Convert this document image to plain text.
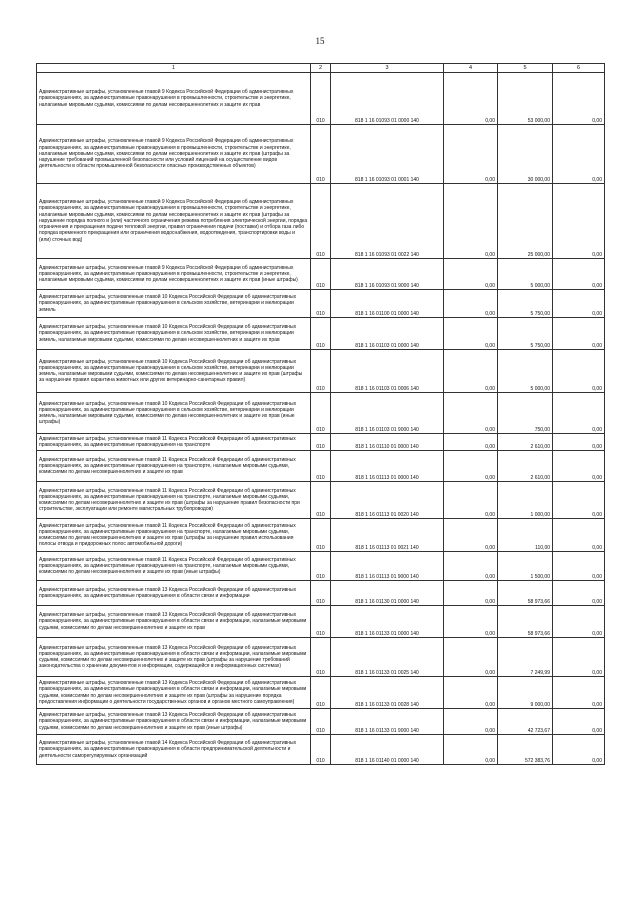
15
1	2	3	4	5	6
Административные штрафы, установленные главой 9 Кодекса Российской Федерации об административных правонарушениях, за административные правонарушения в промышленности, строительстве и энергетике, налагаемые мировыми судьями, комиссиями по делам несовершеннолетних и защите их прав	010	818 1 16 01093 01 0000 140	0,00	53 000,00	0,00
Административные штрафы, установленные главой 9 Кодекса Российской Федерации об административных правонарушениях, за административные правонарушения в промышленности, строительстве и энергетике, налагаемые мировыми судьями, комиссиями по делам несовершеннолетних и защите их прав (штрафы за нарушение требований промышленной безопасности или условий лицензий на осуществление видов деятельности в области промышленной безопасности опасных производственных объектов)	010	818 1 16 01093 01 0001 140	0,00	30 000,00	0,00
Административные штрафы, установленные главой 9 Кодекса Российской Федерации об административных правонарушениях, за административные правонарушения в промышленности, строительстве и энергетике, налагаемые мировыми судьями, комиссиями по делам несовершеннолетних и защите их прав (штрафы за нарушение порядка полного и (или) частичного ограничения режима потребления электрической энергии, порядка ограничения и прекращения подачи тепловой энергии, правил ограничения подачи (поставки) и отбора газа либо порядка временного прекращения или ограничения водоснабжения, водоотведения, транспортировки воды и (или) сточных вод)	010	818 1 16 01093 01 0022 140	0,00	25 000,00	0,00
Административные штрафы, установленные главой 9 Кодекса Российской Федерации об административных правонарушениях, за административные правонарушения в промышленности, строительстве и энергетике, налагаемые мировыми судьями, комиссиями по делам несовершеннолетних и защите их прав (иные штрафы)	010	818 1 16 01093 01 9000 140	0,00	5 000,00	0,00
Административные штрафы, установленные главой 10 Кодекса Российской Федерации об административных правонарушениях, за административные правонарушения в сельском хозяйстве, ветеринарии и мелиорации земель	010	818 1 16 01100 01 0000 140	0,00	5 750,00	0,00
Административные штрафы, установленные главой 10 Кодекса Российской Федерации об административных правонарушениях, за административные правонарушения в сельском хозяйстве, ветеринарии и мелиорации земель, налагаемые мировыми судьями, комиссиями по делам несовершеннолетних и защите их прав	010	818 1 16 01103 01 0000 140	0,00	5 750,00	0,00
Административные штрафы, установленные главой 10 Кодекса Российской Федерации об административных правонарушениях, за административные правонарушения в сельском хозяйстве, ветеринарии и мелиорации земель, налагаемые мировыми судьями, комиссиями по делам несовершеннолетних и защите их прав (штрафы за нарушение правил карантина животных или других ветеринарно-санитарных правил)	010	818 1 16 01103 01 0006 140	0,00	5 000,00	0,00
Административные штрафы, установленные главой 10 Кодекса Российской Федерации об административных правонарушениях, за административные правонарушения в сельском хозяйстве, ветеринарии и мелиорации земель, налагаемые мировыми судьями, комиссиями по делам несовершеннолетних и защите их прав (иные штрафы)	010	818 1 16 01103 01 9000 140	0,00	750,00	0,00
Административные штрафы, установленные главой 11 Кодекса Российской Федерации об административных правонарушениях, за административные правонарушения на транспорте	010	818 1 16 01110 01 0000 140	0,00	2 610,00	0,00
Административные штрафы, установленные главой 11 Кодекса Российской Федерации об административных правонарушениях, за административные правонарушения на транспорте, налагаемые мировыми судьями, комиссиями по делам несовершеннолетних и защите их прав	010	818 1 16 01113 01 0000 140	0,00	2 610,00	0,00
Административные штрафы, установленные главой 11 Кодекса Российской Федерации об административных правонарушениях, за административные правонарушения на транспорте, налагаемые мировыми судьями, комиссиями по делам несовершеннолетних и защите их прав (штрафы за нарушение правил безопасности при строительстве, эксплуатации или ремонте магистральных трубопроводов)	010	818 1 16 01113 01 0020 140	0,00	1 000,00	0,00
Административные штрафы, установленные главой 11 Кодекса Российской Федерации об административных правонарушениях, за административные правонарушения на транспорте, налагаемые мировыми судьями, комиссиями по делам несовершеннолетних и защите их прав (штрафы за нарушение правил использования полосы отвода и придорожных полос автомобильной дороги)	010	818 1 16 01113 01 0021 140	0,00	110,00	0,00
Административные штрафы, установленные главой 11 Кодекса Российской Федерации об административных правонарушениях, за административные правонарушения на транспорте, налагаемые мировыми судьями, комиссиями по делам несовершеннолетних и защите их прав (иные штрафы)	010	818 1 16 01113 01 9000 140	0,00	1 500,00	0,00
Административные штрафы, установленные главой 13 Кодекса Российской Федерации об административных правонарушениях, за административные правонарушения в области связи и информации	010	818 1 16 01130 01 0000 140	0,00	58 973,66	0,00
Административные штрафы, установленные главой 13 Кодекса Российской Федерации об административных правонарушениях, за административные правонарушения в области связи и информации, налагаемые мировыми судьями, комиссиями по делам несовершеннолетних и защите их прав	010	818 1 16 01133 01 0000 140	0,00	58 973,66	0,00
Административные штрафы, установленные главой 13 Кодекса Российской Федерации об административных правонарушениях, за административные правонарушения в области связи и информации, налагаемые мировыми судьями, комиссиями по делам несовершеннолетних и защите их прав (штрафы за нарушение требований законодательства о хранении документов и информации, содержащейся в информационных системах)	010	818 1 16 01133 01 0025 140	0,00	7 249,99	0,00
Административные штрафы, установленные главой 13 Кодекса Российской Федерации об административных правонарушениях, за административные правонарушения в области связи и информации, налагаемые мировыми судьями, комиссиями по делам несовершеннолетних и защите их прав (штрафы за нарушение порядка предоставления информации о деятельности государственных органов и органов местного самоуправления)	010	818 1 16 01133 01 0028 140	0,00	9 000,00	0,00
Административные штрафы, установленные главой 13 Кодекса Российской Федерации об административных правонарушениях, за административные правонарушения в области связи и информации, налагаемые мировыми судьями, комиссиями по делам несовершеннолетних и защите их прав (иные штрафы)	010	818 1 16 01133 01 9000 140	0,00	42 723,67	0,00
Административные штрафы, установленные главой 14 Кодекса Российской Федерации об административных правонарушениях, за административные правонарушения в области предпринимательской деятельности и деятельности саморегулируемых организаций	010	818 1 16 01140 01 0000 140	0,00	572 383,76	0,00
